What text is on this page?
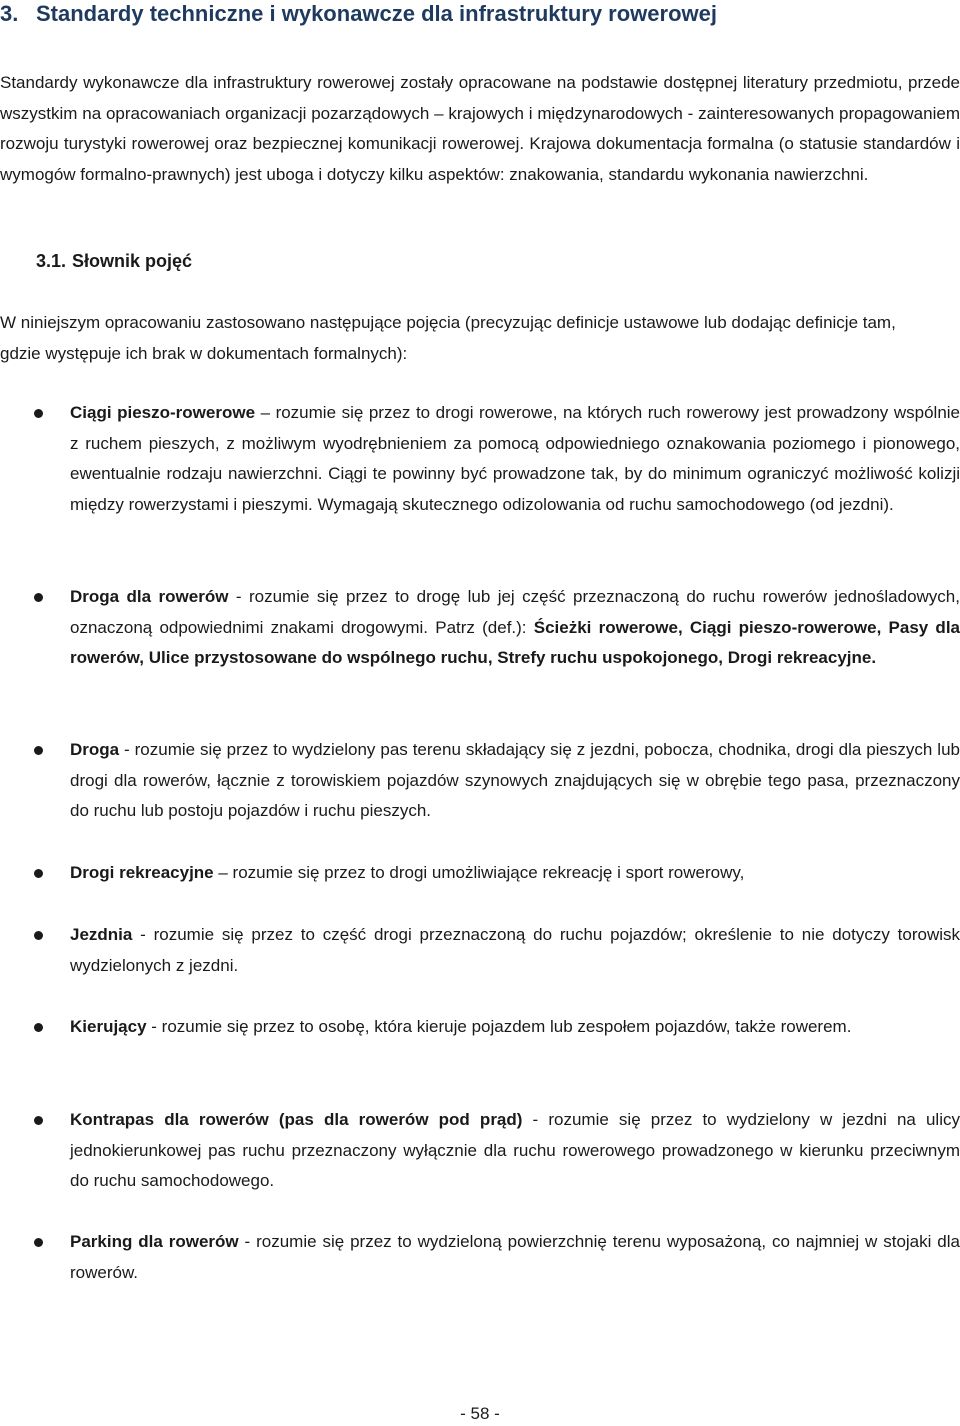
3. Standardy techniczne i wykonawcze dla infrastruktury rowerowej

Standardy wykonawcze dla infrastruktury rowerowej zostały opracowane na podstawie dostępnej literatury przedmiotu, przede wszystkim na opracowaniach organizacji pozarządowych – krajowych i międzynarodowych - zainteresowanych propagowaniem rozwoju turystyki rowerowej oraz bezpiecznej komunikacji rowerowej. Krajowa dokumentacja formalna (o statusie standardów i wymogów formalno-prawnych) jest uboga i dotyczy kilku aspektów: znakowania, standardu wykonania nawierzchni.

3.1. Słownik pojęć

W niniejszym opracowaniu zastosowano następujące pojęcia (precyzując definicje ustawowe lub dodając definicje tam, gdzie występuje ich brak w dokumentach formalnych):

Ciągi pieszo-rowerowe – rozumie się przez to drogi rowerowe, na których ruch rowerowy jest prowadzony wspólnie z ruchem pieszych, z możliwym wyodrębnieniem za pomocą odpowiedniego oznakowania poziomego i pionowego, ewentualnie rodzaju nawierzchni. Ciągi te powinny być prowadzone tak, by do minimum ograniczyć możliwość kolizji między rowerzystami i pieszymi. Wymagają skutecznego odizolowania od ruchu samochodowego (od jezdni).
Droga dla rowerów - rozumie się przez to drogę lub jej część przeznaczoną do ruchu rowerów jednośladowych, oznaczoną odpowiednimi znakami drogowymi. Patrz (def.): Ścieżki rowerowe, Ciągi pieszo-rowerowe, Pasy dla rowerów, Ulice przystosowane do wspólnego ruchu, Strefy ruchu uspokojonego, Drogi rekreacyjne.
Droga - rozumie się przez to wydzielony pas terenu składający się z jezdni, pobocza, chodnika, drogi dla pieszych lub drogi dla rowerów, łącznie z torowiskiem pojazdów szynowych znajdujących się w obrębie tego pasa, przeznaczony do ruchu lub postoju pojazdów i ruchu pieszych.
Drogi rekreacyjne – rozumie się przez to drogi umożliwiające rekreację i sport rowerowy,
Jezdnia - rozumie się przez to część drogi przeznaczoną do ruchu pojazdów; określenie to nie dotyczy torowisk wydzielonych z jezdni.
Kierujący - rozumie się przez to osobę, która kieruje pojazdem lub zespołem pojazdów, także rowerem.
Kontrapas dla rowerów (pas dla rowerów pod prąd) - rozumie się przez to wydzielony w jezdni na ulicy jednokierunkowej pas ruchu przeznaczony wyłącznie dla ruchu rowerowego prowadzonego w kierunku przeciwnym do ruchu samochodowego.
Parking dla rowerów - rozumie się przez to wydzieloną powierzchnię terenu wyposażoną, co najmniej w stojaki dla rowerów.

- 58 -
